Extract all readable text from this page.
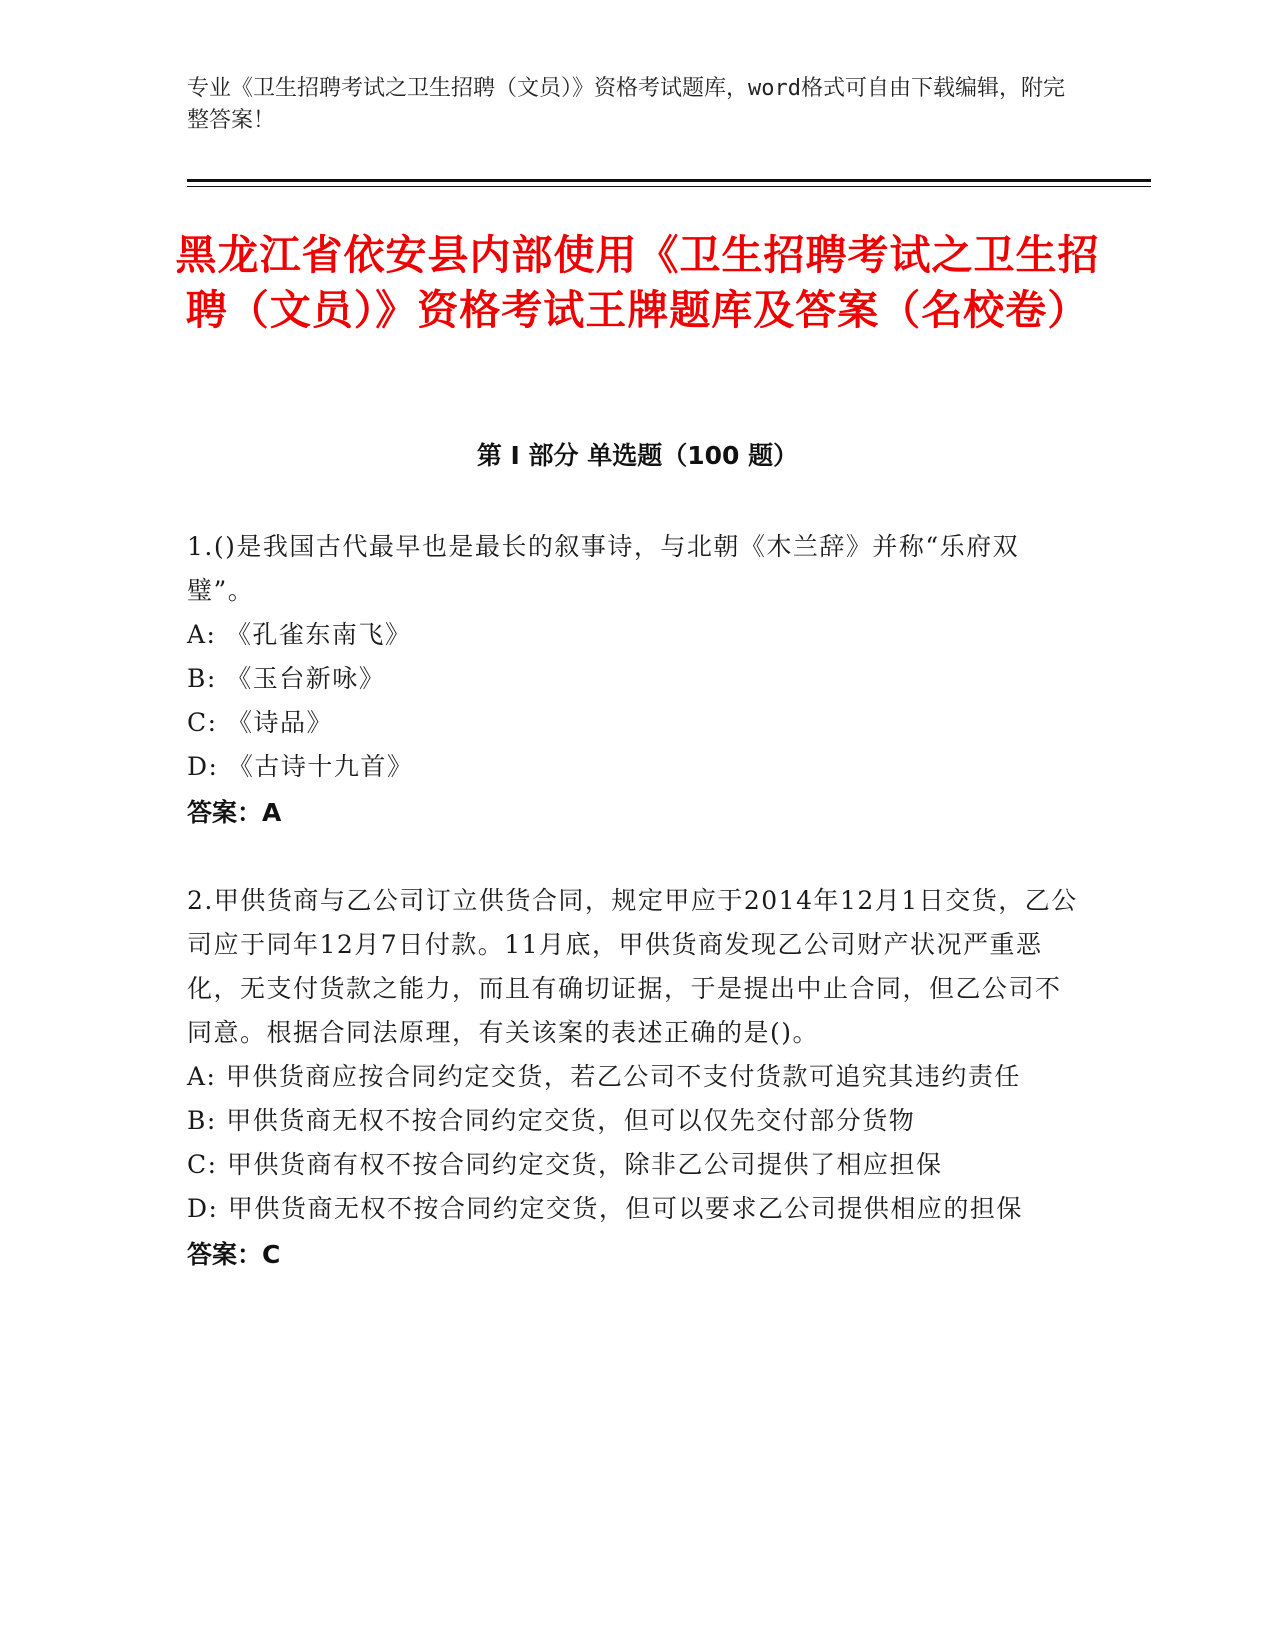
专业《卫生招聘考试之卫生招聘（文员）》资格考试题库，word格式可自由下载编辑，附完整答案！
黑龙江省依安县内部使用《卫生招聘考试之卫生招聘（文员）》资格考试王牌题库及答案（名校卷）
第 I 部分 单选题（100 题）
1.()是我国古代最早也是最长的叙事诗，与北朝《木兰辞》并称“乐府双璧”。
A: 《孔雀东南飞》
B: 《玉台新咏》
C: 《诗品》
D: 《古诗十九首》
答案：A
2.甲供货商与乙公司订立供货合同，规定甲应于2014年12月1日交货，乙公司应于同年12月7日付款。11月底，甲供货商发现乙公司财产状况严重恶化，无支付货款之能力，而且有确切证据，于是提出中止合同，但乙公司不同意。根据合同法原理，有关该案的表述正确的是()。
A: 甲供货商应按合同约定交货，若乙公司不支付货款可追究其违约责任
B: 甲供货商无权不按合同约定交货，但可以仅先交付部分货物
C: 甲供货商有权不按合同约定交货，除非乙公司提供了相应担保
D: 甲供货商无权不按合同约定交货，但可以要求乙公司提供相应的担保
答案：C
